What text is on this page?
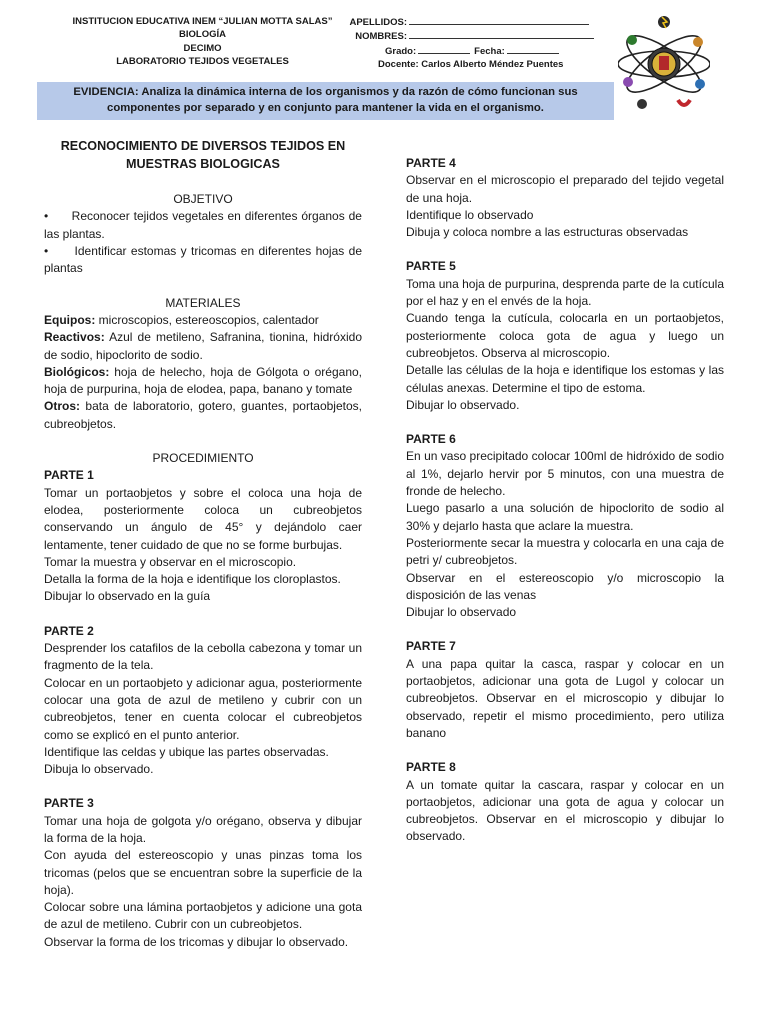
INSTITUCION EDUCATIVA INEM “JULIAN MOTTA SALAS”
BIOLOGÍA
DECIMO
LABORATORIO TEJIDOS VEGETALES
APELLIDOS:
NOMBRES:
Grado:	Fecha:
Docente: Carlos Alberto Méndez Puentes
EVIDENCIA: Analiza la dinámica interna de los organismos y da razón de cómo funcionan sus componentes por separado y en conjunto para mantener la vida en el organismo.
RECONOCIMIENTO DE DIVERSOS TEJIDOS EN
MUESTRAS BIOLOGICAS
OBJETIVO

• Reconocer tejidos vegetales en diferentes órganos de las plantas.

• Identificar estomas y tricomas en diferentes hojas de plantas

MATERIALES

Equipos: microscopios, estereoscopios, calentador

Reactivos: Azul de metileno, Safranina, tionina, hidróxido de sodio, hipoclorito de sodio.

Biológicos: hoja de helecho, hoja de Gólgota o orégano, hoja de purpurina, hoja de elodea, papa, banano y tomate

Otros: bata de laboratorio, gotero, guantes, portaobjetos, cubreobjetos.

PROCEDIMIENTO
PARTE 1

Tomar un portaobjetos y sobre el coloca una hoja de elodea, posteriormente coloca un cubreobjetos conservando un ángulo de 45° y dejándolo caer lentamente, tener cuidado de que no se forme burbujas.

Tomar la muestra y observar en el microscopio.

Detalla la forma de la hoja e identifique los cloroplastos.

Dibujar lo observado en la guía

PARTE 2

Desprender los catafilos de la cebolla cabezona y tomar un fragmento de la tela.

Colocar en un portaobjeto y adicionar agua, posteriormente colocar una gota de azul de metileno y cubrir con un cubreobjetos, tener en cuenta colocar el cubreobjetos como se explicó en el punto anterior.

Identifique las celdas y ubique las partes observadas.

Dibuja lo observado.

PARTE 3

Tomar una hoja de golgota y/o orégano, observa y dibujar la forma de la hoja.

Con ayuda del estereoscopio y unas pinzas toma los tricomas (pelos que se encuentran sobre la superficie de la hoja).

Colocar sobre una lámina portaobjetos y adicione una gota de azul de metileno. Cubrir con un cubreobjetos.

Observar la forma de los tricomas y dibujar lo observado.

PARTE 4

Observar en el microscopio el preparado del tejido vegetal de una hoja.

Identifique lo observado

Dibuja y coloca nombre a las estructuras observadas

PARTE 5

Toma una hoja de purpurina, desprenda parte de la cutícula por el haz y en el envés de la hoja.

Cuando tenga la cutícula, colocarla en un portaobjetos, posteriormente coloca gota de agua y luego un cubreobjetos. Observa al microscopio.

Detalle las células de la hoja e identifique los estomas y las células anexas. Determine el tipo de estoma.

Dibujar lo observado.

PARTE 6

En un vaso precipitado colocar 100ml de hidróxido de sodio al 1%, dejarlo hervir por 5 minutos, con una muestra de fronde de helecho.

Luego pasarlo a una solución de hipoclorito de sodio al 30% y dejarlo hasta que aclare la muestra.

Posteriormente secar la muestra y colocarla en una caja de petri y/ cubreobjetos.

Observar en el estereoscopio y/o microscopio la disposición de las venas

Dibujar lo observado

PARTE 7

A una papa quitar la casca, raspar y colocar en un portaobjetos, adicionar una gota de Lugol y colocar un cubreobjetos. Observar en el microscopio y dibujar lo observado, repetir el mismo procedimiento, pero utiliza banano

PARTE 8

A un tomate quitar la cascara, raspar y colocar en un portaobjetos, adicionar una gota de agua y colocar un cubreobjetos. Observar en el microscopio y dibujar lo observado.
